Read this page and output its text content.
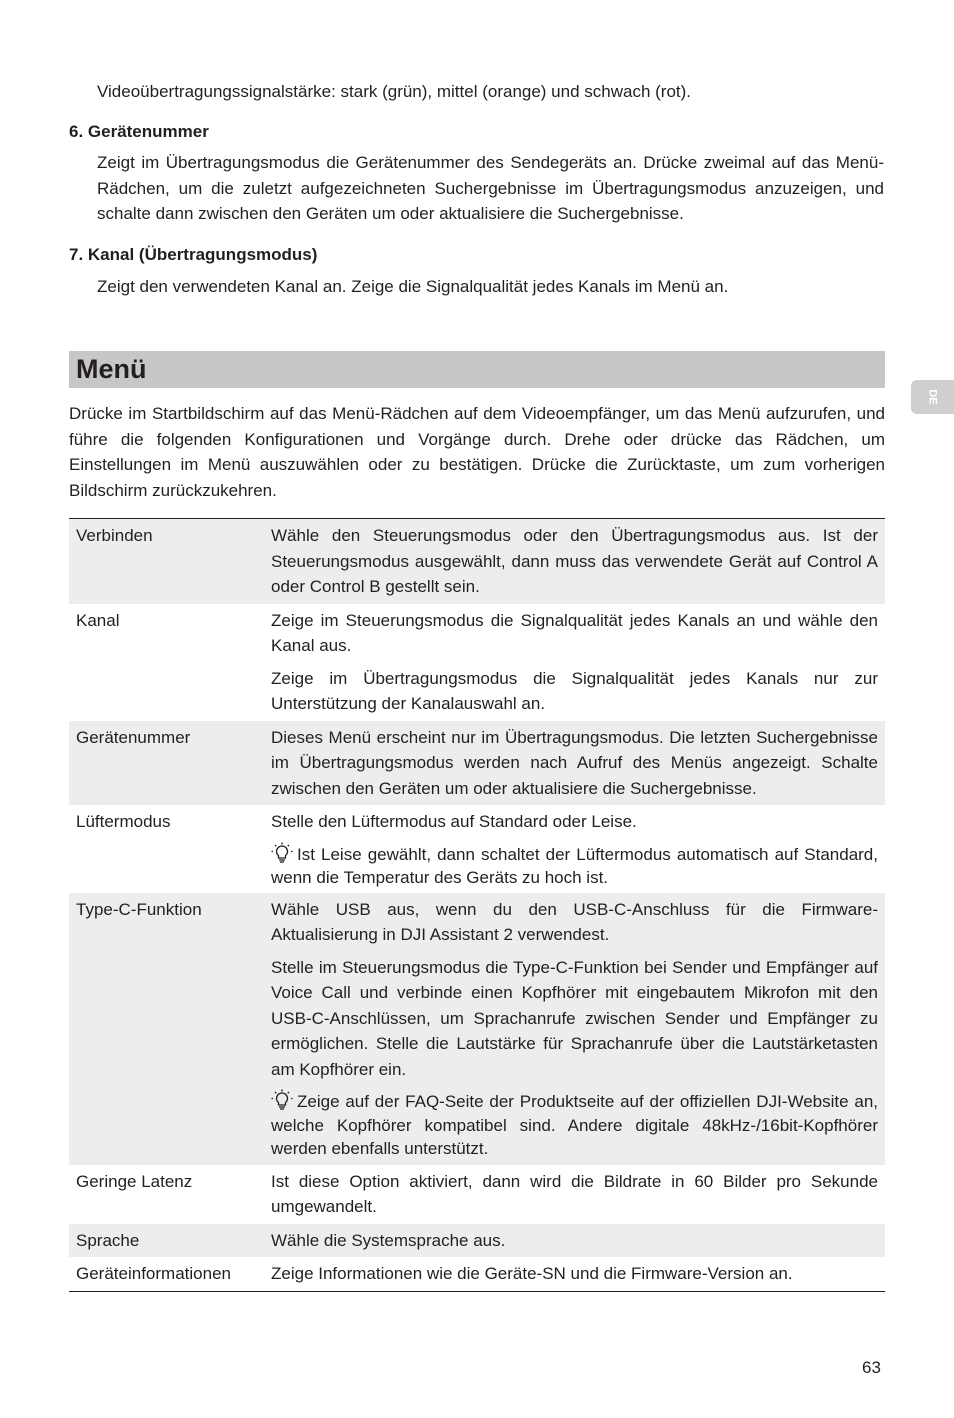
Videoübertragungssignalstärke: stark (grün), mittel (orange) und schwach (rot).
6. Gerätenummer
Zeigt im Übertragungsmodus die Gerätenummer des Sendegeräts an. Drücke zweimal auf das Menü-Rädchen, um die zuletzt aufgezeichneten Suchergebnisse im Übertragungsmodus anzuzeigen, und schalte dann zwischen den Geräten um oder aktualisiere die Suchergebnisse.
7. Kanal (Übertragungsmodus)
Zeigt den verwendeten Kanal an. Zeige die Signalqualität jedes Kanals im Menü an.
Menü
DE
Drücke im Startbildschirm auf das Menü-Rädchen auf dem Videoempfänger, um das Menü aufzurufen, und führe die folgenden Konfigurationen und Vorgänge durch. Drehe oder drücke das Rädchen, um Einstellungen im Menü auszuwählen oder zu bestätigen. Drücke die Zurücktaste, um zum vorherigen Bildschirm zurückzukehren.
Verbinden	Wähle den Steuerungsmodus oder den Übertragungsmodus aus. Ist der Steuerungsmodus ausgewählt, dann muss das verwendete Gerät auf Control A oder Control B gestellt sein.

Kanal	Zeige im Steuerungsmodus die Signalqualität jedes Kanals an und wähle den Kanal aus.

Zeige im Übertragungsmodus die Signalqualität jedes Kanals nur zur Unterstützung der Kanalauswahl an.

Gerätenummer	Dieses Menü erscheint nur im Übertragungsmodus. Die letzten Suchergebnisse im Übertragungsmodus werden nach Aufruf des Menüs angezeigt. Schalte zwischen den Geräten um oder aktualisiere die Suchergebnisse.

Lüftermodus	Stelle den Lüftermodus auf Standard oder Leise.

Ist Leise gewählt, dann schaltet der Lüftermodus automatisch auf Standard, wenn die Temperatur des Geräts zu hoch ist.

Type-C-Funktion	Wähle USB aus, wenn du den USB-C-Anschluss für die Firmware-Aktualisierung in DJI Assistant 2 verwendest.

Stelle im Steuerungsmodus die Type-C-Funktion bei Sender und Empfänger auf Voice Call und verbinde einen Kopfhörer mit eingebautem Mikrofon mit den USB-C-Anschlüssen, um Sprachanrufe zwischen Sender und Empfänger zu ermöglichen. Stelle die Lautstärke für Sprachanrufe über die Lautstärketasten am Kopfhörer ein.

Zeige auf der FAQ-Seite der Produktseite auf der offiziellen DJI-Website an, welche Kopfhörer kompatibel sind. Andere digitale 48kHz-/16bit-Kopfhörer werden ebenfalls unterstützt.

Geringe Latenz	Ist diese Option aktiviert, dann wird die Bildrate in 60 Bilder pro Sekunde umgewandelt.

Sprache	Wähle die Systemsprache aus.

Geräteinformationen	Zeige Informationen wie die Geräte-SN und die Firmware-Version an.

63
